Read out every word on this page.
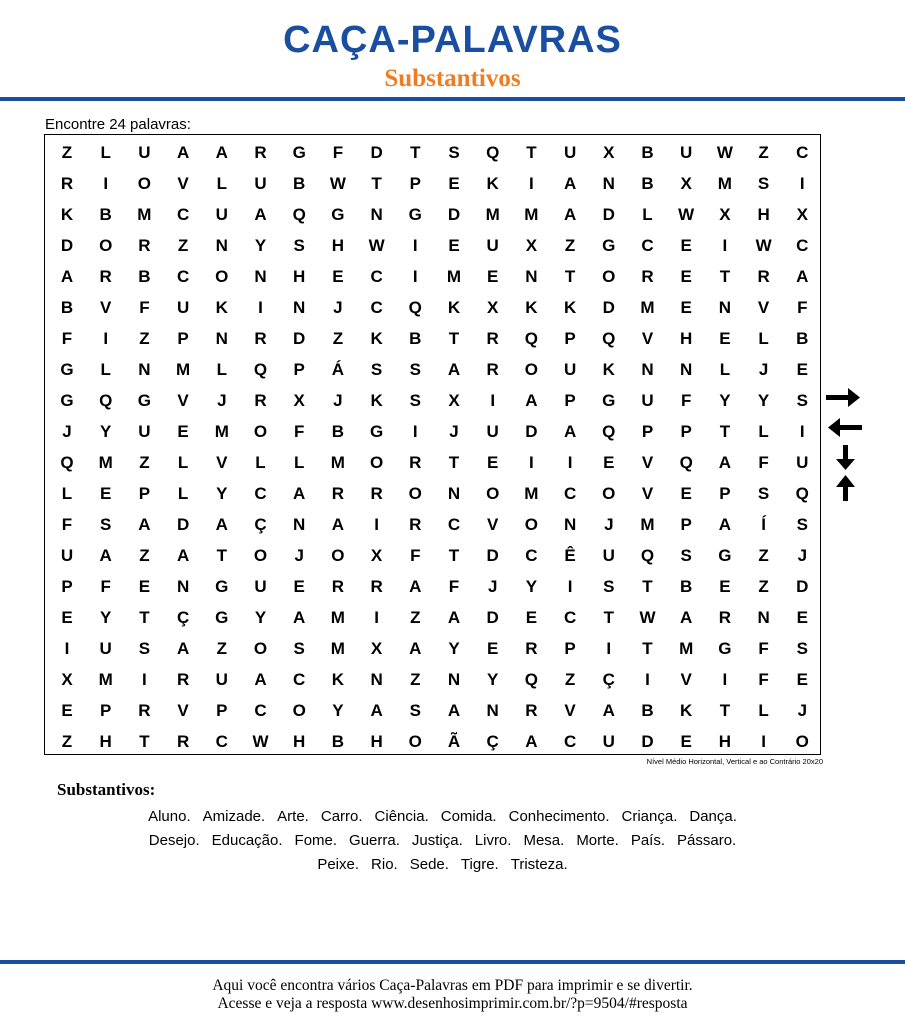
CAÇA-PALAVRAS
Substantivos
Encontre 24 palavras:
Z	L	U	A	A	R	G	F	D	T	S	Q	T	U	X	B	U	W	Z	C
R	I	O	V	L	U	B	W	T	P	E	K	I	A	N	B	X	M	S	I
K	B	M	C	U	A	Q	G	N	G	D	M	M	A	D	L	W	X	H	X
D	O	R	Z	N	Y	S	H	W	I	E	U	X	Z	G	C	E	I	W	C
A	R	B	C	O	N	H	E	C	I	M	E	N	T	O	R	E	T	R	A
B	V	F	U	K	I	N	J	C	Q	K	X	K	K	D	M	E	N	V	F
F	I	Z	P	N	R	D	Z	K	B	T	R	Q	P	Q	V	H	E	L	B
G	L	N	M	L	Q	P	Á	S	S	A	R	O	U	K	N	N	L	J	E
G	Q	G	V	J	R	X	J	K	S	X	I	A	P	G	U	F	Y	Y	S
J	Y	U	E	M	O	F	B	G	I	J	U	D	A	Q	P	P	T	L	I
Q	M	Z	L	V	L	L	M	O	R	T	E	I	I	E	V	Q	A	F	U
L	E	P	L	Y	C	A	R	R	O	N	O	M	C	O	V	E	P	S	Q
F	S	A	D	A	Ç	N	A	I	R	C	V	O	N	J	M	P	A	Í	S
U	A	Z	A	T	O	J	O	X	F	T	D	C	Ê	U	Q	S	G	Z	J
P	F	E	N	G	U	E	R	R	A	F	J	Y	I	S	T	B	E	Z	D
E	Y	T	Ç	G	Y	A	M	I	Z	A	D	E	C	T	W	A	R	N	E
I	U	S	A	Z	O	S	M	X	A	Y	E	R	P	I	T	M	G	F	S
X	M	I	R	U	A	C	K	N	Z	N	Y	Q	Z	Ç	I	V	I	F	E
E	P	R	V	P	C	O	Y	A	S	A	N	R	V	A	B	K	T	L	J
Z	H	T	R	C	W	H	B	H	O	Ã	Ç	A	C	U	D	E	H	I	O
Nível Médio Horizontal, Vertical e ao Contrário 20x20
Substantivos:
Aluno. Amizade. Arte. Carro. Ciência. Comida. Conhecimento. Criança. Dança.
Desejo. Educação. Fome. Guerra. Justiça. Livro. Mesa. Morte. País. Pássaro.
Peixe. Rio. Sede. Tigre. Tristeza.
Aqui você encontra vários Caça-Palavras em PDF para imprimir e se divertir.
Acesse e veja a resposta www.desenhosimprimir.com.br/?p=9504/#resposta
